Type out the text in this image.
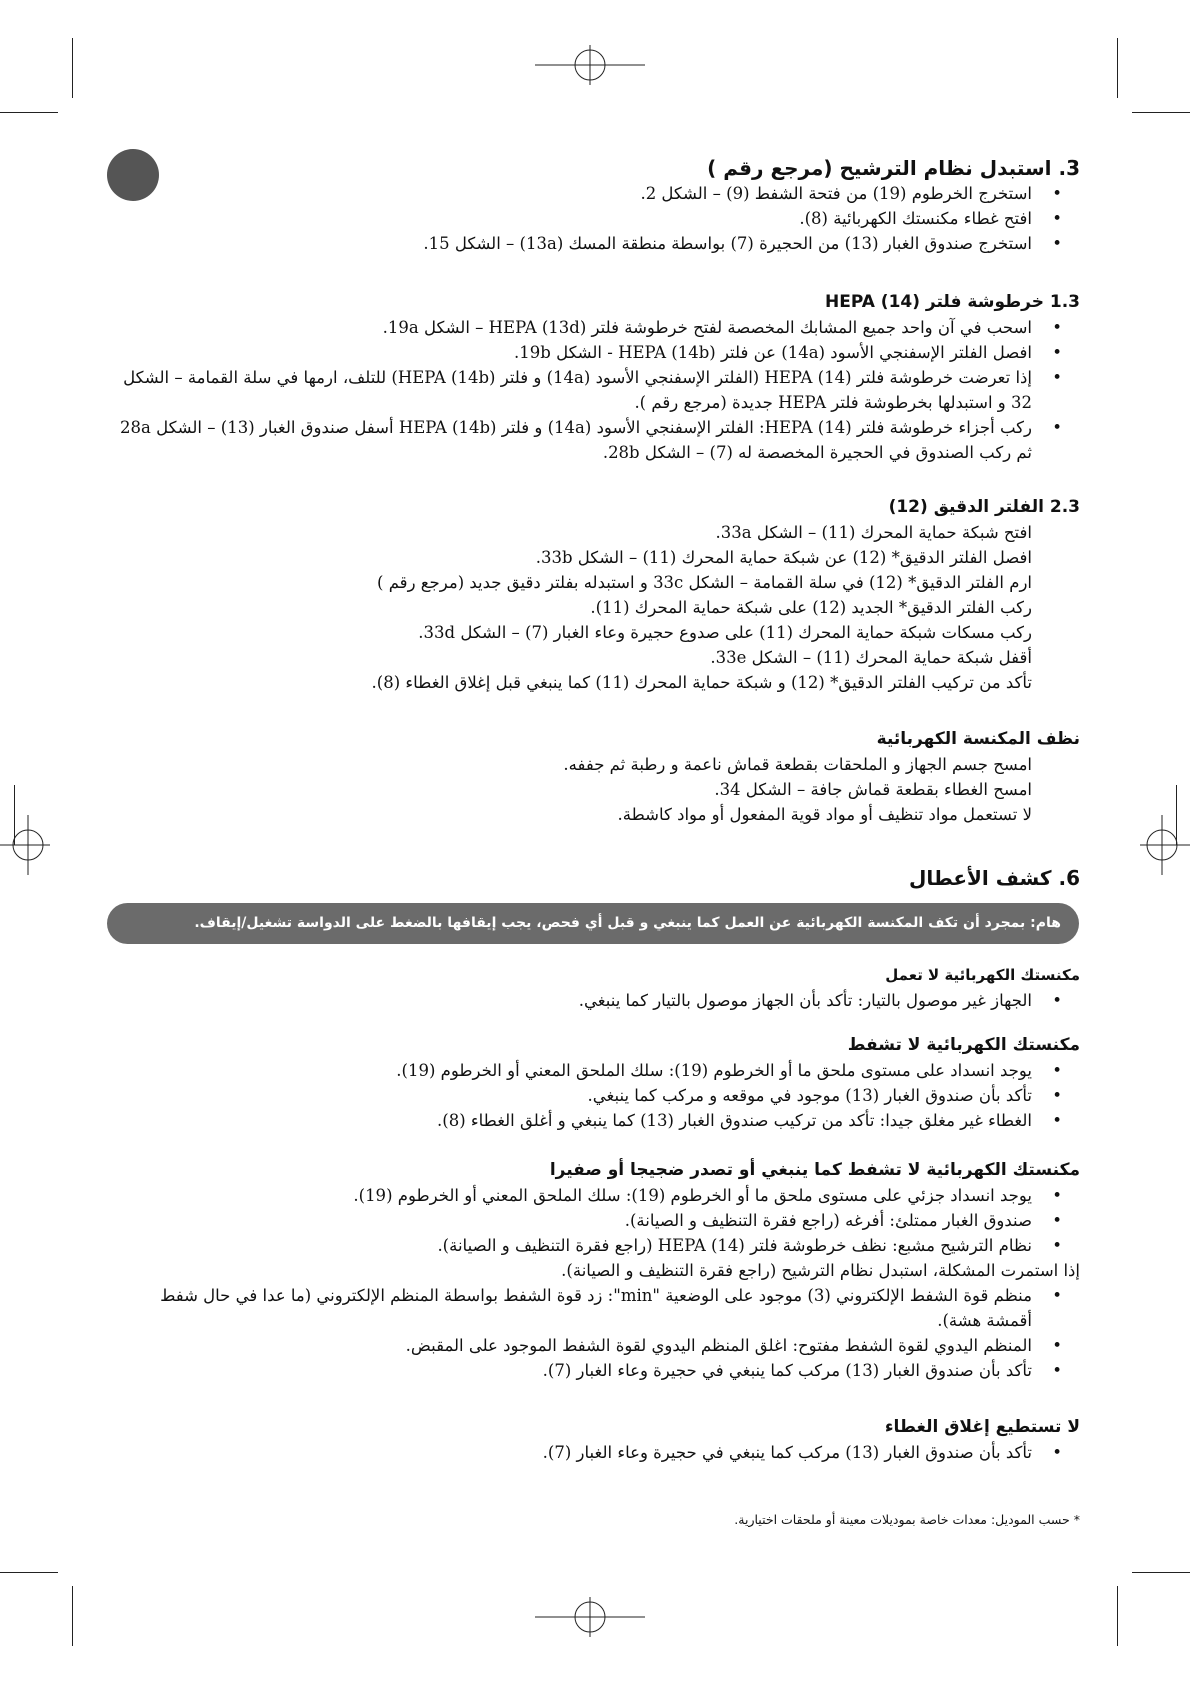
3. استبدل نظام الترشيح (مرجع رقم )

• استخرج الخرطوم (19) من فتحة الشفط (9) – الشكل 2.
• افتح غطاء مكنستك الكهربائية (8).
• استخرج صندوق الغبار (13) من الحجيرة (7) بواسطة منطقة المسك (13a) – الشكل 15.

1.3 خرطوشة فلتر HEPA (14)

• اسحب في آن واحد جميع المشابك المخصصة لفتح خرطوشة فلتر HEPA (13d) – الشكل 19a.
• افصل الفلتر الإسفنجي الأسود (14a) عن فلتر HEPA (14b) - الشكل 19b.
• إذا تعرضت خرطوشة فلتر HEPA (14) (الفلتر الإسفنجي الأسود (14a) و فلتر HEPA (14b)) للتلف، ارمها في سلة القمامة – الشكل 32 و استبدلها بخرطوشة فلتر HEPA جديدة (مرجع رقم ).
• ركب أجزاء خرطوشة فلتر HEPA (14): الفلتر الإسفنجي الأسود (14a) و فلتر HEPA (14b) أسفل صندوق الغبار (13) – الشكل 28a ثم ركب الصندوق في الحجيرة المخصصة له (7) – الشكل 28b.

2.3 الفلتر الدقيق (12)

افتح شبكة حماية المحرك (11) – الشكل 33a.
افصل الفلتر الدقيق* (12) عن شبكة حماية المحرك (11) – الشكل 33b.
ارم الفلتر الدقيق* (12) في سلة القمامة – الشكل 33c و استبدله بفلتر دقيق جديد (مرجع رقم )
ركب الفلتر الدقيق* الجديد (12) على شبكة حماية المحرك (11).
ركب مسكات شبكة حماية المحرك (11) على صدوع حجيرة وعاء الغبار (7) – الشكل 33d.
أقفل شبكة حماية المحرك (11) – الشكل 33e.
تأكد من تركيب الفلتر الدقيق* (12) و شبكة حماية المحرك (11) كما ينبغي قبل إغلاق الغطاء (8).

نظف المكنسة الكهربائية

امسح جسم الجهاز و الملحقات بقطعة قماش ناعمة و رطبة ثم جففه.
امسح الغطاء بقطعة قماش جافة – الشكل 34.
لا تستعمل مواد تنظيف أو مواد قوية المفعول أو مواد كاشطة.

6. كشف الأعطال

هام: بمجرد أن تكف المكنسة الكهربائية عن العمل كما ينبغي و قبل أي فحص، يجب إيقافها بالضغط على الدواسة تشغيل/إيقاف.

مكنستك الكهربائية لا تعمل

• الجهاز غير موصول بالتيار: تأكد بأن الجهاز موصول بالتيار كما ينبغي.

مكنستك الكهربائية لا تشفط

• يوجد انسداد على مستوى ملحق ما أو الخرطوم (19): سلك الملحق المعني أو الخرطوم (19).
• تأكد بأن صندوق الغبار (13) موجود في موقعه و مركب كما ينبغي.
• الغطاء غير مغلق جيدا: تأكد من تركيب صندوق الغبار (13) كما ينبغي و أغلق الغطاء (8).

مكنستك الكهربائية لا تشفط كما ينبغي أو تصدر ضجيجا أو صفيرا

• يوجد انسداد جزئي على مستوى ملحق ما أو الخرطوم (19): سلك الملحق المعني أو الخرطوم (19).
• صندوق الغبار ممتلئ: أفرغه (راجع فقرة التنظيف و الصيانة).
• نظام الترشيح مشبع: نظف خرطوشة فلتر HEPA (14) (راجع فقرة التنظيف و الصيانة).
إذا استمرت المشكلة، استبدل نظام الترشيح (راجع فقرة التنظيف و الصيانة).
• منظم قوة الشفط الإلكتروني (3) موجود على الوضعية "min": زد قوة الشفط بواسطة المنظم الإلكتروني (ما عدا في حال شفط أقمشة هشة).
• المنظم اليدوي لقوة الشفط مفتوح: اغلق المنظم اليدوي لقوة الشفط الموجود على المقبض.
• تأكد بأن صندوق الغبار (13) مركب كما ينبغي في حجيرة وعاء الغبار (7).

لا تستطيع إغلاق الغطاء

• تأكد بأن صندوق الغبار (13) مركب كما ينبغي في حجيرة وعاء الغبار (7).
* حسب الموديل: معدات خاصة بموديلات معينة أو ملحقات اختيارية.
